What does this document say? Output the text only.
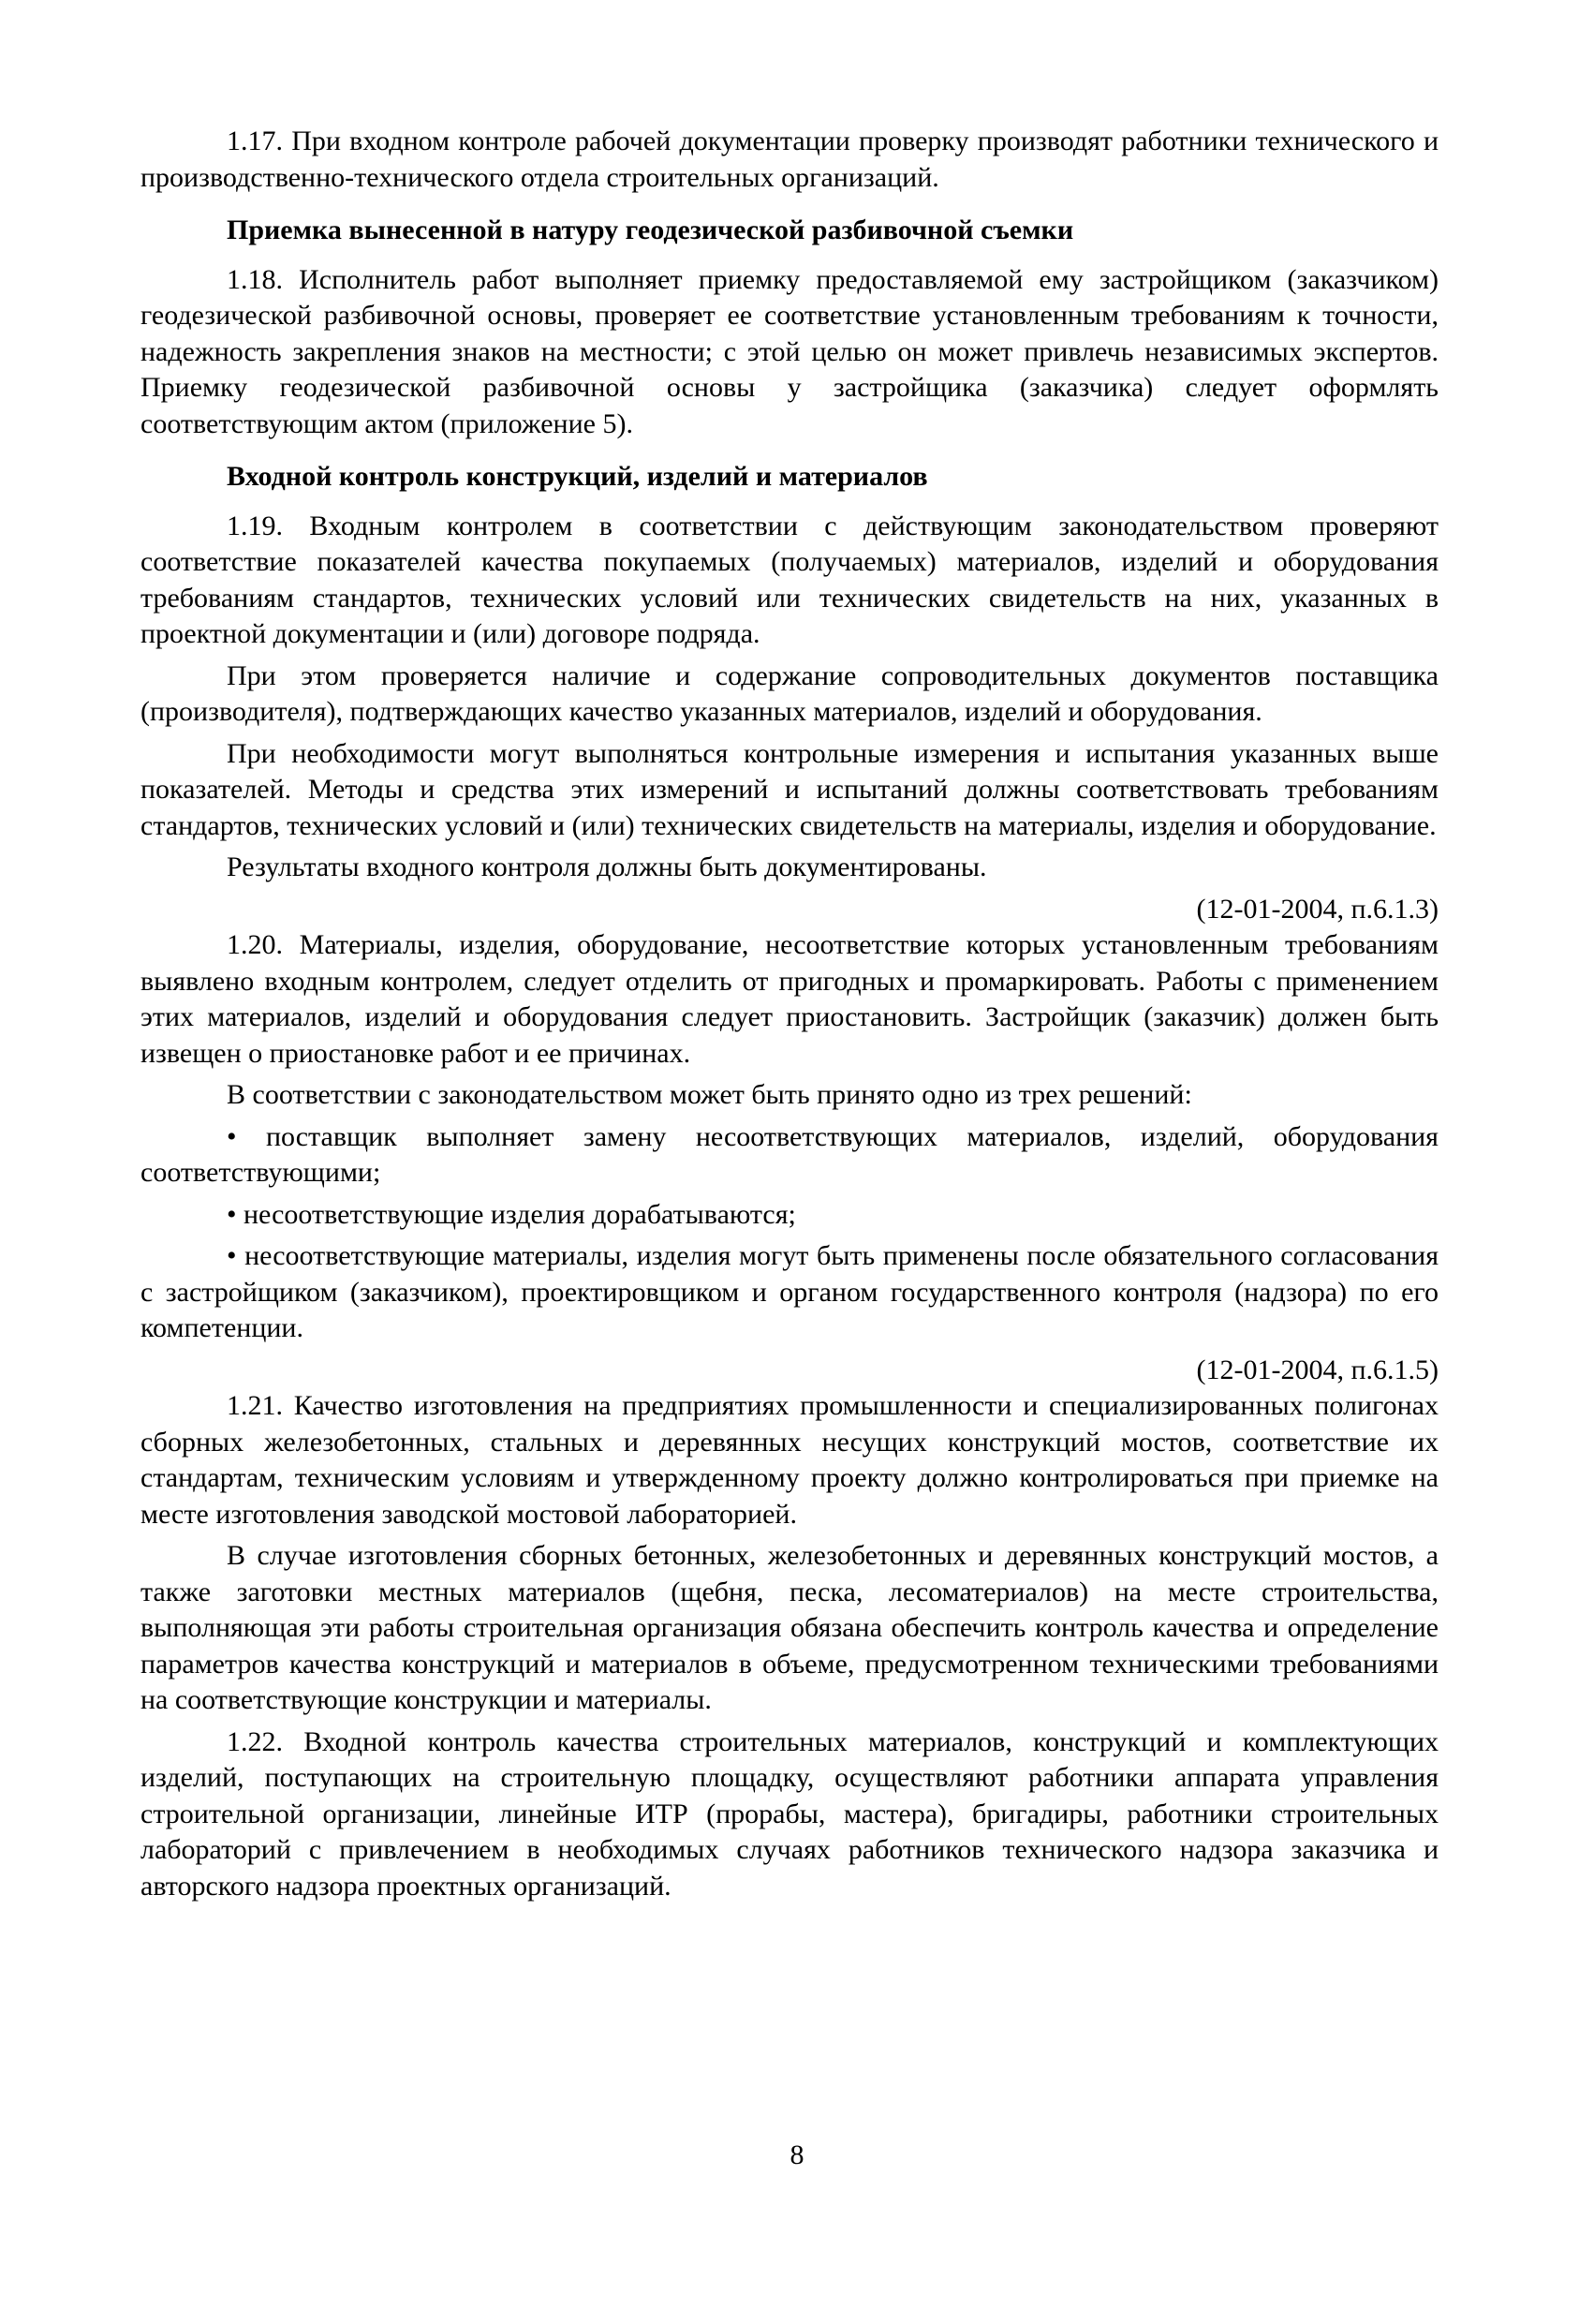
1.17. При входном контроле рабочей документации проверку производят работники технического и производственно-технического отдела строительных организаций.

Приемка вынесенной в натуру геодезической разбивочной съемки

1.18. Исполнитель работ выполняет приемку предоставляемой ему застройщиком (заказчиком) геодезической разбивочной основы, проверяет ее соответствие установленным требованиям к точности, надежность закрепления знаков на местности; с этой целью он может привлечь независимых экспертов. Приемку геодезической разбивочной основы у застройщика (заказчика) следует оформлять соответствующим актом (приложение 5).

Входной контроль конструкций, изделий и материалов

1.19. Входным контролем в соответствии с действующим законодательством проверяют соответствие показателей качества покупаемых (получаемых) материалов, изделий и оборудования требованиям стандартов, технических условий или технических свидетельств на них, указанных в проектной документации и (или) договоре подряда.

При этом проверяется наличие и содержание сопроводительных документов поставщика (производителя), подтверждающих качество указанных материалов, изделий и оборудования.

При необходимости могут выполняться контрольные измерения и испытания указанных выше показателей. Методы и средства этих измерений и испытаний должны соответствовать требованиям стандартов, технических условий и (или) технических свидетельств на материалы, изделия и оборудование.

Результаты входного контроля должны быть документированы.

(12-01-2004, п.6.1.3)

1.20. Материалы, изделия, оборудование, несоответствие которых установленным требованиям выявлено входным контролем, следует отделить от пригодных и промаркировать. Работы с применением этих материалов, изделий и оборудования следует приостановить. Застройщик (заказчик) должен быть извещен о приостановке работ и ее причинах.

В соответствии с законодательством может быть принято одно из трех решений:

• поставщик выполняет замену несоответствующих материалов, изделий, оборудования соответствующими;

• несоответствующие изделия дорабатываются;

• несоответствующие материалы, изделия могут быть применены после обязательного согласования с застройщиком (заказчиком), проектировщиком и органом государственного контроля (надзора) по его компетенции.

(12-01-2004, п.6.1.5)

1.21. Качество изготовления на предприятиях промышленности и специализированных полигонах сборных железобетонных, стальных и деревянных несущих конструкций мостов, соответствие их стандартам, техническим условиям и утвержденному проекту должно контролироваться при приемке на месте изготовления заводской мостовой лабораторией.

В случае изготовления сборных бетонных, железобетонных и деревянных конструкций мостов, а также заготовки местных материалов (щебня, песка, лесоматериалов) на месте строительства, выполняющая эти работы строительная организация обязана обеспечить контроль качества и определение параметров качества конструкций и материалов в объеме, предусмотренном техническими требованиями на соответствующие конструкции и материалы.

1.22. Входной контроль качества строительных материалов, конструкций и комплектующих изделий, поступающих на строительную площадку, осуществляют работники аппарата управления строительной организации, линейные ИТР (прорабы, мастера), бригадиры, работники строительных лабораторий с привлечением в необходимых случаях работников технического надзора заказчика и авторского надзора проектных организаций.

8
